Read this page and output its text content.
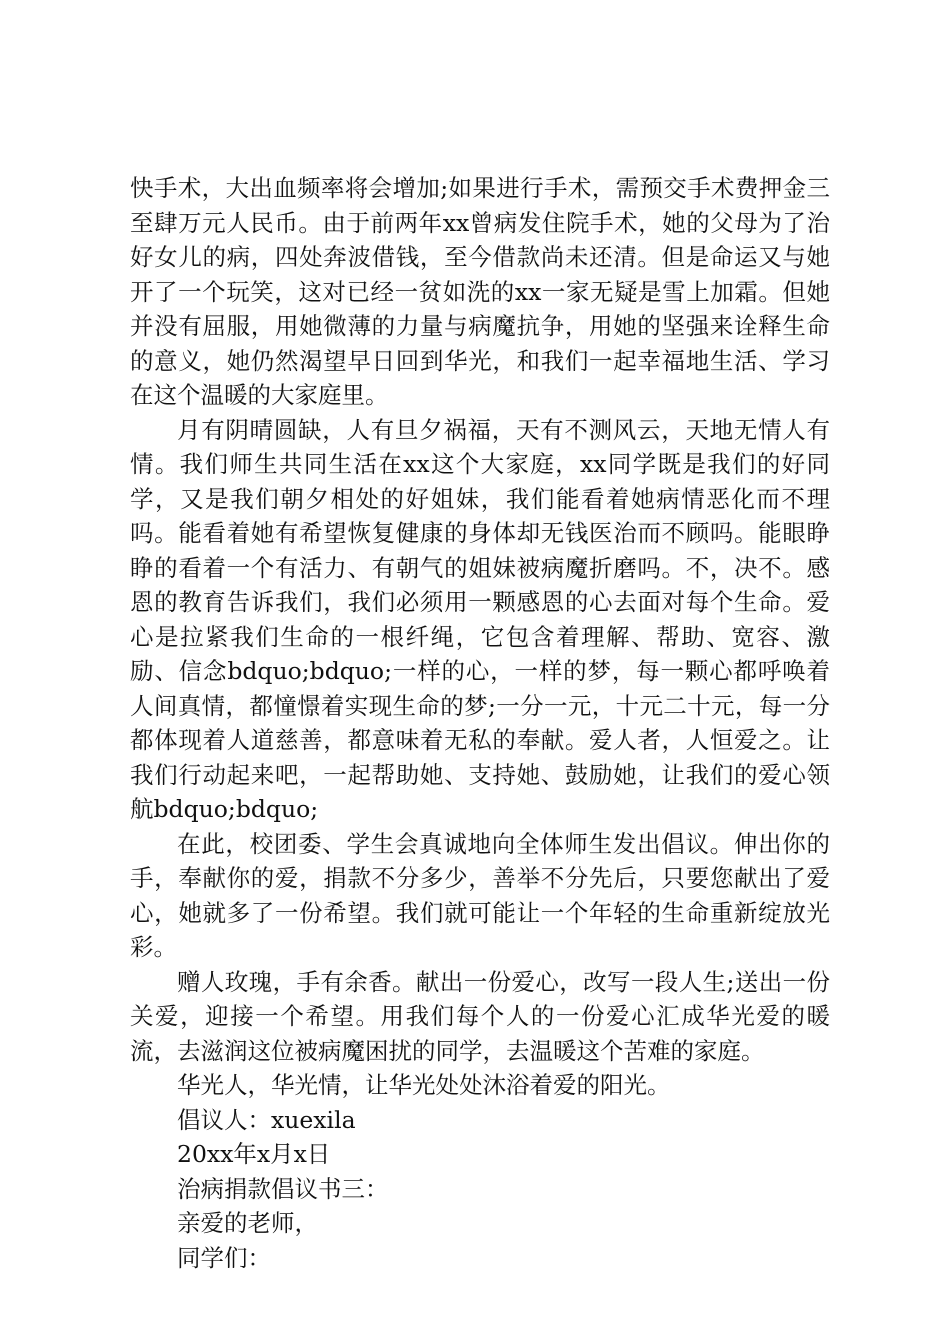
快手术，大出血频率将会增加;如果进行手术，需预交手术费押金三至肆万元人民币。由于前两年xx曾病发住院手术，她的父母为了治好女儿的病，四处奔波借钱，至今借款尚未还清。但是命运又与她开了一个玩笑，这对已经一贫如洗的xx一家无疑是雪上加霜。但她并没有屈服，用她微薄的力量与病魔抗争，用她的坚强来诠释生命的意义，她仍然渴望早日回到华光，和我们一起幸福地生活、学习在这个温暖的大家庭里。

月有阴晴圆缺，人有旦夕祸福，天有不测风云，天地无情人有情。我们师生共同生活在xx这个大家庭，xx同学既是我们的好同学，又是我们朝夕相处的好姐妹，我们能看着她病情恶化而不理吗。能看着她有希望恢复健康的身体却无钱医治而不顾吗。能眼睁睁的看着一个有活力、有朝气的姐妹被病魔折磨吗。不，决不。感恩的教育告诉我们，我们必须用一颗感恩的心去面对每个生命。爱心是拉紧我们生命的一根纤绳，它包含着理解、帮助、宽容、激励、信念bdquo;bdquo;一样的心，一样的梦，每一颗心都呼唤着人间真情，都憧憬着实现生命的梦;一分一元，十元二十元，每一分都体现着人道慈善，都意味着无私的奉献。爱人者，人恒爱之。让我们行动起来吧，一起帮助她、支持她、鼓励她，让我们的爱心领航bdquo;bdquo;

在此，校团委、学生会真诚地向全体师生发出倡议。伸出你的手，奉献你的爱，捐款不分多少，善举不分先后，只要您献出了爱心，她就多了一份希望。我们就可能让一个年轻的生命重新绽放光彩。

赠人玫瑰，手有余香。献出一份爱心，改写一段人生;送出一份关爱，迎接一个希望。用我们每个人的一份爱心汇成华光爱的暖流，去滋润这位被病魔困扰的同学，去温暖这个苦难的家庭。

华光人，华光情，让华光处处沐浴着爱的阳光。

倡议人：xuexila

20xx年x月x日

治病捐款倡议书三：

亲爱的老师，

同学们：
